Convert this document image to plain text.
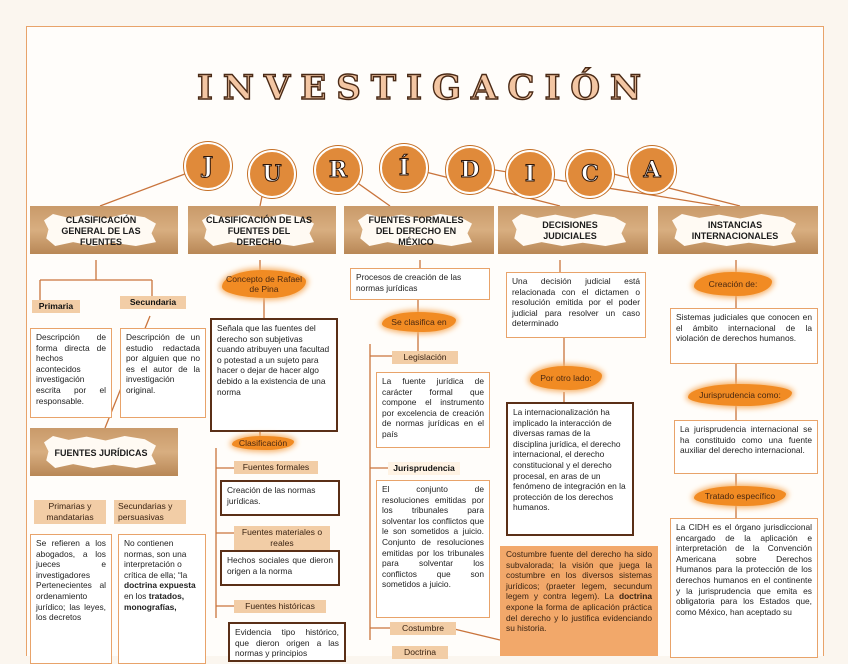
INVESTIGACIÓN
J	U	R	Í	D	I	C	A
CLASIFICACIÓN GENERAL DE LAS FUENTES
CLASIFICACIÓN DE LAS FUENTES DEL DERECHO
FUENTES FORMALES DEL DERECHO EN MÉXICO
DECISIONES JUDICIALES
INSTANCIAS INTERNACIONALES
Primaria	Secundaria
Descripción de forma directa de hechos acontecidos investigación escrita por el responsable.
Descripción de un estudio redactada por alguien que no es el autor de la investigación original.
FUENTES JURÍDICAS
Primarias y mandatarias
Secundarias y persuasivas
Se refieren a los abogados, a los jueces e investigadores Pertenecientes al ordenamiento jurídico; las leyes, los decretos
No contienen normas, son una interpretación o crítica de ella; “la doctrina expuesta en los tratados, monografías,
Concepto de Rafael de Pina
Señala que las fuentes del derecho son subjetivas cuando atribuyen una facultad o potestad a un sujeto para hacer o dejar de hacer algo debido a la existencia de una norma
Clasificación
Fuentes formales
Creación de las normas jurídicas.
Fuentes materiales o reales
Hechos sociales que dieron origen a la norma
Fuentes históricas
Evidencia tipo histórico, que dieron origen a las normas y principios
Procesos de creación de las normas jurídicas
Se clasifica en
Legislación
La fuente jurídica de carácter formal que compone el instrumento por excelencia de creación de normas jurídicas en el país
Jurisprudencia
El conjunto de resoluciones emitidas por los tribunales para solventar los conflictos que le son sometidos a juicio. Conjunto de resoluciones emitidas por los tribunales para solventar los conflictos que son sometidos a juicio.
Costumbre
Doctrina
Una decisión judicial está relacionada con el dictamen o resolución emitida por el poder judicial para resolver un caso determinado
Por otro lado:
La internacionalización ha implicado la interacción de diversas ramas de la disciplina jurídica, el derecho internacional, el derecho constitucional y el derecho procesal, en aras de un fenómeno de integración en la protección de los derechos humanos.
Costumbre fuente del derecho ha sido subvalorada; la visión que juega la costumbre en los diversos sistemas jurídicos; (praeter legem, secundum legem y contra legem). La doctrina expone la forma de aplicación práctica del derecho y lo justifica evidenciando su historia.
Creación de:
Sistemas judiciales que conocen en el ámbito internacional de la violación de derechos humanos.
Jurisprudencia como:
La jurisprudencia internacional se ha constituido como una fuente auxiliar del derecho internacional.
Tratado específico
La CIDH es el órgano jurisdiccional encargado de la aplicación e interpretación de la Convención Americana sobre Derechos Humanos para la protección de los derechos humanos en el continente y la jurisprudencia que emita es obligatoria para los Estados que, como México, han aceptado su
